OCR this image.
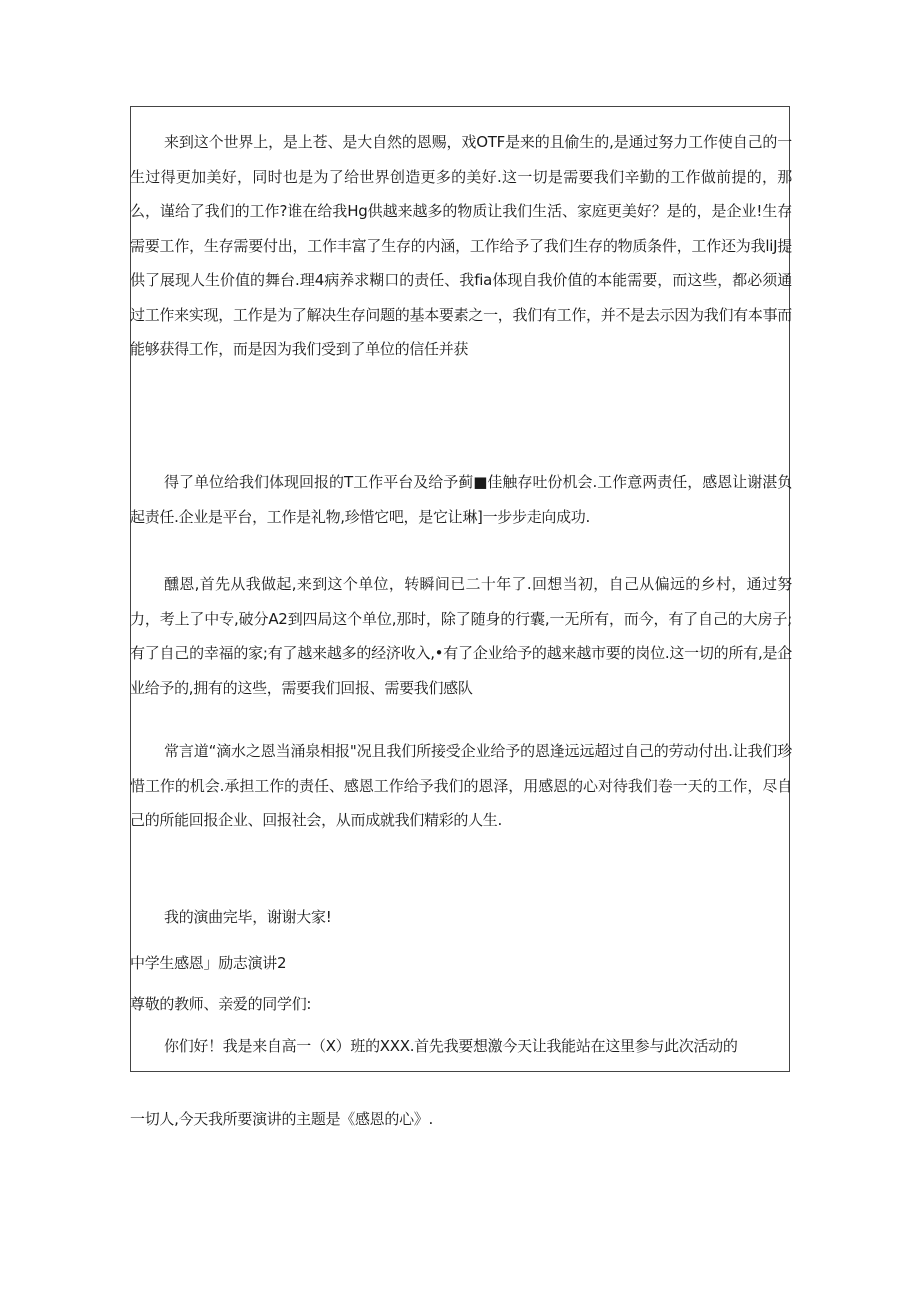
来到这个世界上，是上苍、是大自然的恩赐，戏OTF是来的且偷生的,是通过努力工作使自己的一生过得更加美好，同时也是为了给世界创造更多的美好.这一切是需要我们辛勤的工作做前提的，那么，谨给了我们的工作?谁在给我Hg供越来越多的物质让我们生活、家庭更美好？是的，是企业!生存需要工作，生存需要付出，工作丰富了生存的内涵，工作给予了我们生存的物质条件，工作还为我liJ提供了展现人生价值的舞台.理4病养求糊口的责任、我fia体现自我价值的本能需要，而这些，都必须通过工作来实现，工作是为了解决生存问题的基本要素之一，我们有工作，并不是去示因为我们有本事而能够获得工作，而是因为我们受到了单位的信任并获

得了单位给我们体现回报的T工作平台及给予蓟■佳触存吐份机会.工作意两责任，感恩让谢湛负起责任.企业是平台，工作是礼物,珍惜它吧，是它让琳]一步步走向成功.

醺恩,首先从我做起,来到这个单位，转瞬间已二十年了.回想当初，自己从偏远的乡村，通过努力，考上了中专,破分A2到四局这个单位,那时，除了随身的行囊,一无所有，而今，有了自己的大房子;有了自己的幸福的家;有了越来越多的经济收入,•有了企业给予的越来越市要的岗位.这一切的所有,是企业给予的,拥有的这些，需要我们回报、需要我们感队

常言道“滴水之恩当涌泉相报"况且我们所接受企业给予的恩逢远远超过自己的劳动付出.让我们珍惜工作的机会.承担工作的责任、感恩工作给予我们的恩泽，用感恩的心对待我们卷一天的工作，尽自己的所能回报企业、回报社会，从而成就我们精彩的人生.

我的演曲完毕，谢谢大家!

中学生感恩」励志演讲2

尊敬的教师、亲爱的同学们:

你们好！我是来自高一（X）班的XXX.首先我要想激今天让我能站在这里参与此次活动的

一切人,今天我所要演讲的主题是《感恩的心》.
